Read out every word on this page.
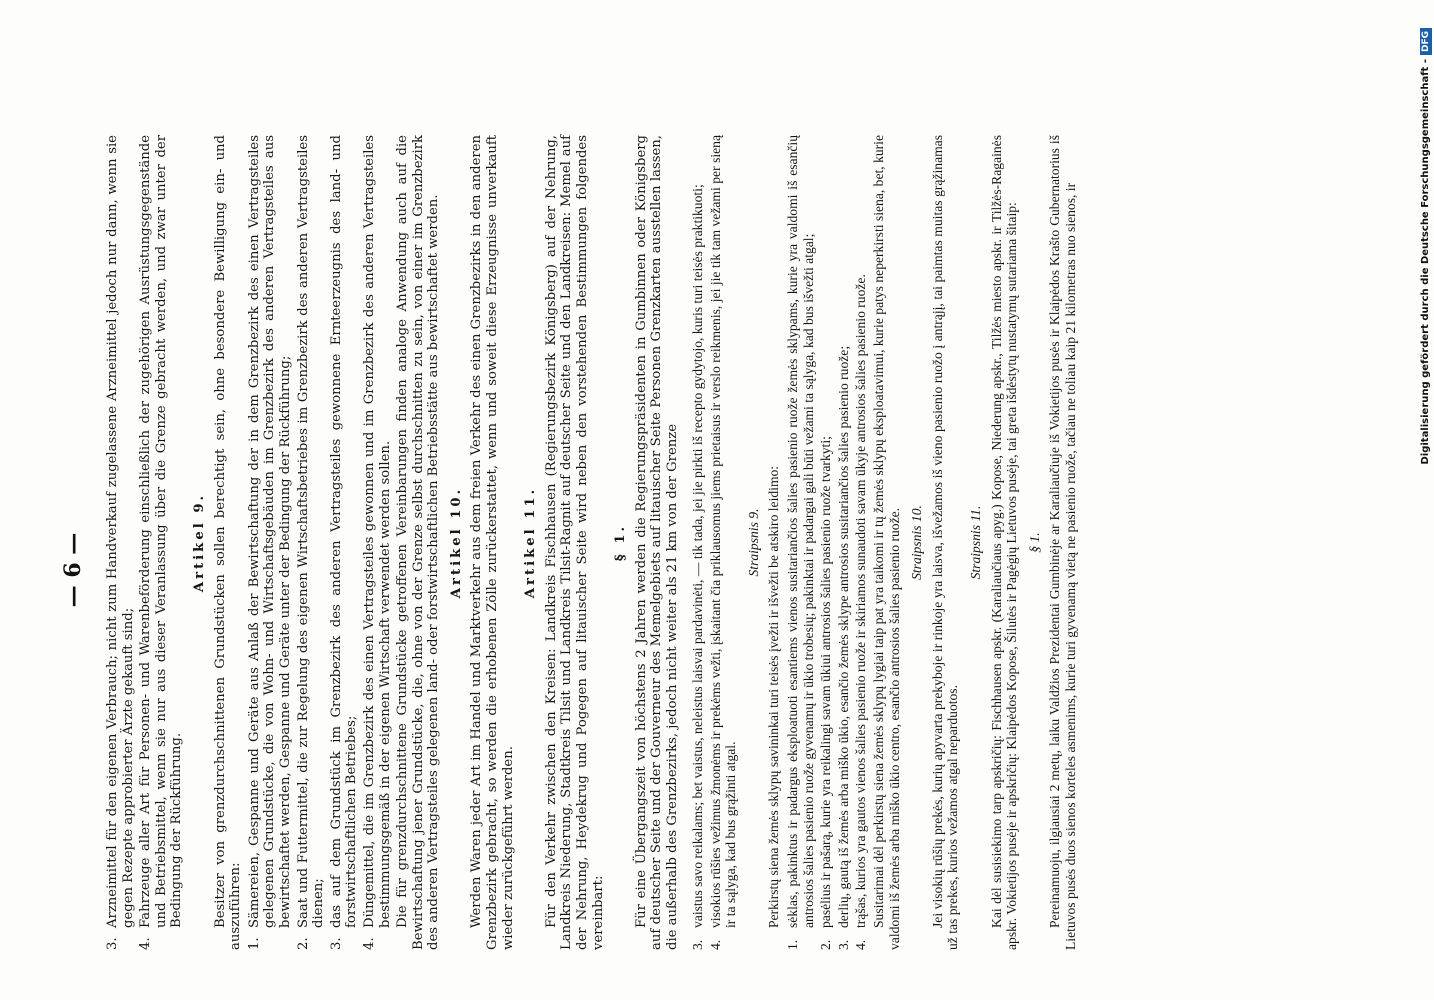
— 6 —
3.
Arzneimittel für den eigenen Verbrauch; nicht zum Handverkauf zugelassene Arzneimittel jedoch nur dann, wenn sie gegen Rezepte approbierter Ärzte gekauft sind;
4.
Fahrzeuge aller Art für Personen- und Warenbeförderung einschließlich der zugehörigen Ausrüstungsgegenstände und Betriebsmittel, wenn sie nur aus dieser Veranlassung über die Grenze gebracht werden, und zwar unter der Bedingung der Rückführung.
Artikel 9. Besitzer von grenzdurchschnittenen Grundstücken sollen berechtigt sein, ohne besondere Bewilligung ein- und auszuführen: 1.
Sämereien, Gespanne und Geräte aus Anlaß der Bewirtschaftung der in dem Grenzbezirk des einen Vertragsteiles gelegenen Grundstücke, die von Wohn- und Wirtschaftsgebäuden im Grenzbezirk des anderen Vertragsteiles aus bewirtschaftet werden, Gespanne und Geräte unter der Bedingung der Rückführung;
2.
Saat und Futtermittel, die zur Regelung des eigenen Wirtschaftsbetriebes im Grenzbezirk des anderen Vertragsteiles dienen;
3.
das auf dem Grundstück im Grenzbezirk des anderen Vertragsteiles gewonnene Ernteerzeugnis des land- und forstwirtschaftlichen Betriebes;
4.
Düngemittel, die im Grenzbezirk des einen Vertragsteiles gewonnen und im Grenzbezirk des anderen Vertragsteiles bestimmungsgemäß in der eigenen Wirtschaft verwendet werden sollen. Die für grenzdurchschnittene Grundstücke getroffenen Vereinbarungen finden analoge Anwendung auch auf die Bewirtschaftung jener Grundstücke, die, ohne von der Grenze selbst durchschnitten zu sein, von einer im Grenzbezirk des anderen Vertragsteiles gelegenen land- oder forstwirtschaftlichen Betriebsstätte aus bewirtschaftet werden. Artikel 10. Werden Waren jeder Art im Handel und Marktverkehr aus dem freien Verkehr des einen Grenzbezirks in den anderen Grenzbezirk gebracht, so werden die erhobenen Zölle zurückerstattet, wenn und soweit diese Erzeugnisse unverkauft wieder zurückgeführt werden.

Artikel 11. Für den Verkehr zwischen den Kreisen: Landkreis Fischhausen (Regierungsbezirk Königsberg) auf der Nehrung, Landkreis Niederung, Stadtkreis Tilsit und Landkreis Tilsit-Ragnit auf deutscher Seite und den Landkreisen: Memel auf der Nehrung, Heydekrug und Pogegen auf litauischer Seite wird neben den vorstehenden Bestimmungen folgendes vereinbart:

§ 1. Für eine Übergangszeit von höchstens 2 Jahren werden die Regierungspräsidenten in Gumbinnen oder Königsberg auf deutscher Seite und der Gouverneur des Memelgebiets auf litauischer Seite Personen Grenzkarten ausstellen lassen, die außerhalb des Grenzbezirks, jedoch nicht weiter als 21 km von der Grenze 3.
vaistus savo reikalams; bet vaistus, neleistus laisvai pardavinėti, — tik tada, jei jie pirkti iš recepto gydytojo, kuris turi teisės praktikuoti;
4.
visokios rūšies vežimus žmonėms ir prekėms vežti, įskaitant čia priklausomus jiems prietaisus ir verslo reikmenis, jei jie tik tam vežami per sieną ir ta sąlyga, kad bus grąžinti atgal.
Straipsnis 9. Perkirstų siena žemės sklypų savininkai turi teisės įvežti ir išvežti be atskiro leidimo:

1.
sėklas, pakinktus ir padargus eksploatuoti esantiems vienos susitariančios šalies pasienio ruože žemės sklypams, kurie yra valdomi iš esančių antrosios šalies pasienio ruože gyvenamų ir ūkio trobesių; pakinktai ir padargai gali būti vežami ta sąlyga, kad bus išvežti atgal;
2.
pasėlius ir pašarą, kurie yra reikalingi savam ūkiui antrosios šalies pasienio ruože tvarkyti;
3.
derlių, gautą iš žemės arba miško ūkio, esančio žemės sklype antrosios susitariančios šalies pasienio ruože;
4.
trąšas, kurios yra gautos vienos šalies pasienio ruože ir skiriamos sunaudoti savam ūkyje antrosios šalies pasienio ruože. Susitarimai dėl perkirstų siena žemės sklypų lygiai taip pat yra taikomi ir tų žemės sklypų eksploatavimui, kurie patys neperkirsti siena, bet, kurie valdomi iš žemės arba miško ūkio centro, esančio antrosios šalies pasienio ruože. Straipsnis 10. Jei visokių rūšių prekės, kurių apyvarta prekyboje ir rinkoje yra laisva, išvežamos iš vieno pasienio ruožo į antrąjį, tai paimtas muitas grąžinamas už tas prekes, kurios vežamos atgal neparduotos.

Straipsnis 11. Kai dėl susisiekimo tarp apskričių: Fischhausen apskr. (Karaliaučiaus apyg.) Kopose, Niederung apskr., Tilžės miesto apskr. ir Tilžės-Ragainės apskr. Vokietijos pusėje ir apskričių: Klaipėdos Kopose, Šilutės ir Pagėgių Lietuvos pusėje, tai greta išdėstytų nustatymų sutariama šitaip: § 1. Pereinamuoju, ilgiausiai 2 metų, laiku Valdžios Prezidentai Gumbinėje ar Karaliaučiuje iš Vokietijos pusės ir Klaipėdos Krašto Gubernatorius iš Lietuvos pusės duos sienos korteles asmenims, kurie turi gyvenamą vietą ne pasienio ruože, tačiau ne toliau kaip 21 kilometras nuo sienos, ir	Digitalisierung gefördert durch die Deutsche Forschungsgemeinschaft -DFG
